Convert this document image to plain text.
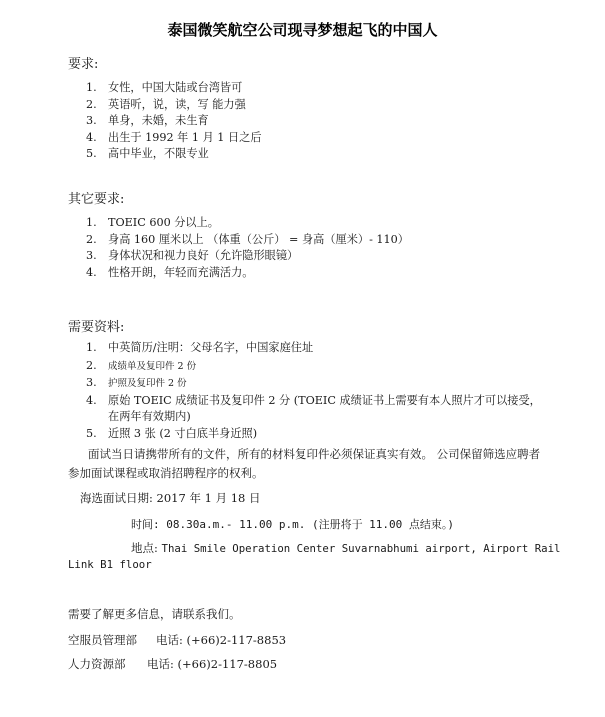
泰国微笑航空公司现寻梦想起飞的中国人
要求:
1. 女性，中国大陆或台湾皆可
2. 英语听，说，读，写 能力强
3. 单身，未婚，未生育
4. 出生于 1992 年 1 月 1 日之后
5. 高中毕业，不限专业
其它要求:
1. TOEIC 600 分以上。
2. 身高 160 厘米以上 （体重（公斤） = 身高（厘米）- 110）
3. 身体状况和视力良好（允许隐形眼镜）
4. 性格开朗，年轻而充满活力。
需要资料:
1. 中英简历/注明：父母名字，中国家庭住址
2. 成绩单及复印件 2 份
3. 护照及复印件 2 份
4. 原始 TOEIC 成绩证书及复印件 2 分 (TOEIC 成绩证书上需要有本人照片才可以接受，在两年有效期内)
5. 近照 3 张 (2 寸白底半身近照)
面试当日请携带所有的文件，所有的材料复印件必须保证真实有效。 公司保留筛选应聘者参加面试课程或取消招聘程序的权利。
海选面试日期: 2017 年 1 月 18 日
时间: 08.30a.m.- 11.00 p.m. (注册将于 11.00 点结束。)
地点: Thai Smile Operation Center Suvarnabhumi airport, Airport Rail
Link B1 floor
需要了解更多信息，请联系我们。
空服员管理部 电话: (+66)2-117-8853
人力资源部 电话: (+66)2-117-8805
